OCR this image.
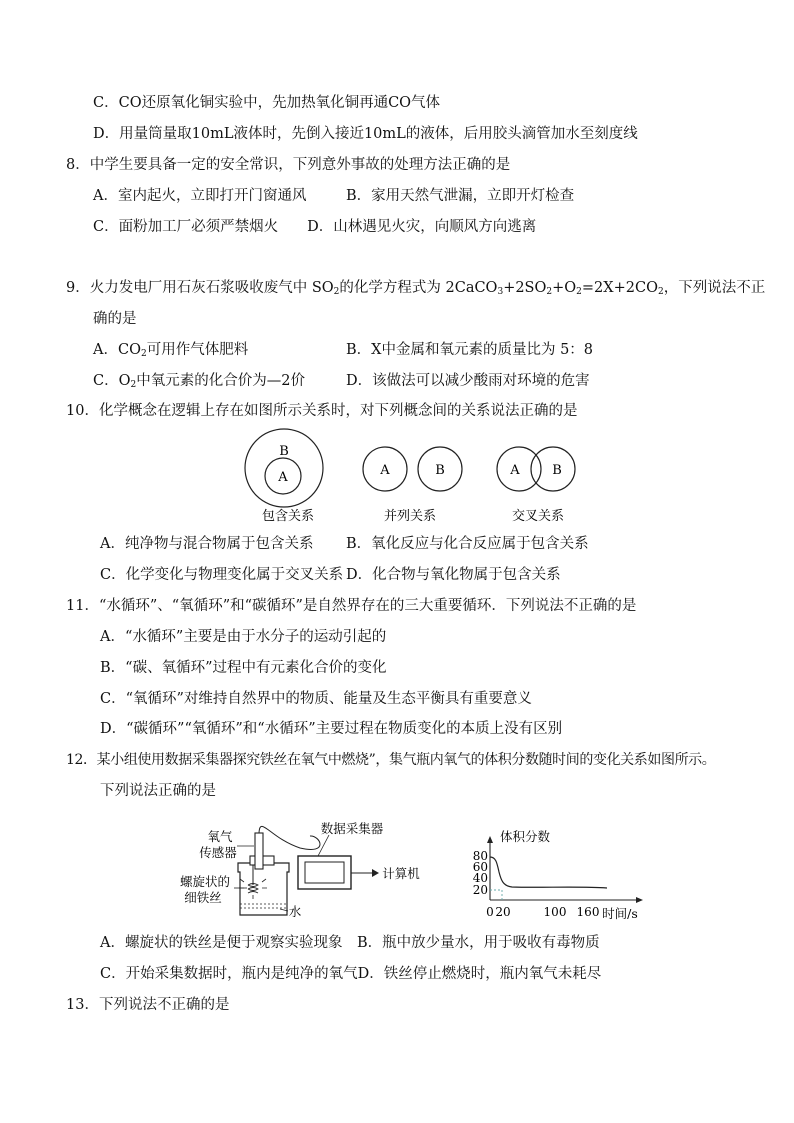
C．CO还原氧化铜实验中，先加热氧化铜再通CO气体
D．用量筒量取10mL液体时，先倒入接近10mL的液体，后用胶头滴管加水至刻度线
8．中学生要具备一定的安全常识，下列意外事故的处理方法正确的是
A．室内起火，立即打开门窗通风	B．家用天然气泄漏，立即开灯检查
C．面粉加工厂必须严禁烟火　　D．山林遇见火灾，向顺风方向逃离
9．火力发电厂用石灰石浆吸收废气中 $SO_2$的化学方程式为 $2CaCO_3+2SO_2+O_2=2X+2CO_2$，下列说法不正
确的是
A．$CO_2$可用作气体肥料	B．X中金属和氧元素的质量比为 5：8
C．$O_2$中氧元素的化合价为—2价	D．该做法可以减少酸雨对环境的危害
10．化学概念在逻辑上存在如图所示关系时，对下列概念间的关系说法正确的是
B
A	A	B	A	B
包含关系	并列关系	交叉关系
氧气
传感器
数据采集器
螺旋状的
细铁丝
水
计算机
体积分数
80
60
40
20
0 20	100 160 时间/s
A．纯净物与混合物属于包含关系 B．氧化反应与化合反应属于包含关系
C．化学变化与物理变化属于交叉关系 D．化合物与氧化物属于包含关系
11．“水循环”、“氧循环”和“碳循环”是自然界存在的三大重要循环．下列说法不正确的是
A．“水循环”主要是由于水分子的运动引起的
B．“碳、氧循环”过程中有元素化合价的变化
C．“氧循环”对维持自然界中的物质、能量及生态平衡具有重要意义
D．“碳循环”“氧循环”和“水循环”主要过程在物质变化的本质上没有区别
12．某小组使用数据采集器探究铁丝在氧气中燃烧”，集气瓶内氧气的体积分数随时间的变化关系如图所示。
下列说法正确的是
A．螺旋状的铁丝是便于观察实验现象　B．瓶中放少量水，用于吸收有毒物质
C．开始采集数据时，瓶内是纯净的氧气D．铁丝停止燃烧时，瓶内氧气未耗尽
13．下列说法不正确的是
